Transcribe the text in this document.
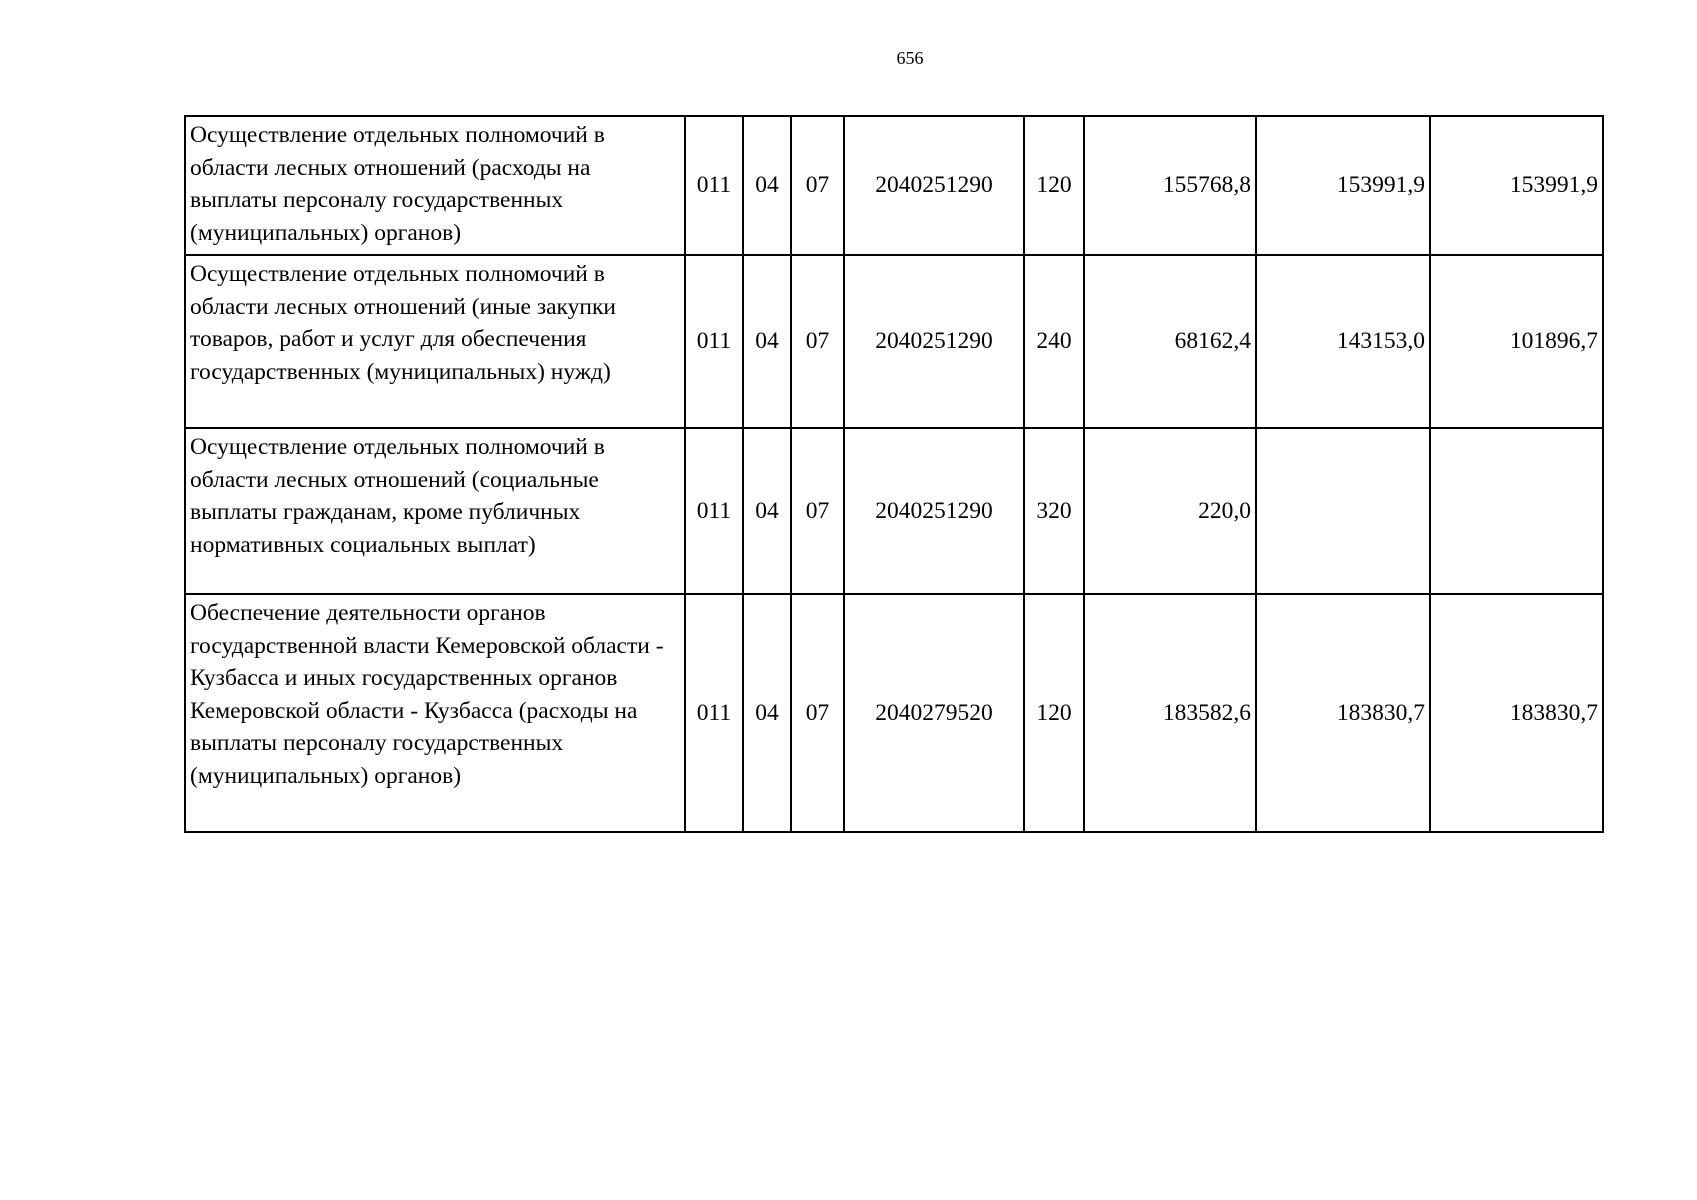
656
Осуществление отдельных полномочий в области лесных отношений (расходы на выплаты персоналу государственных (муниципальных) органов)	011	04	07	2040251290	120	155768,8	153991,9	153991,9
Осуществление отдельных полномочий в области лесных отношений (иные закупки товаров, работ и услуг для обеспечения государственных (муниципальных) нужд)	011	04	07	2040251290	240	68162,4	143153,0	101896,7
Осуществление отдельных полномочий в области лесных отношений (социальные выплаты гражданам, кроме публичных нормативных социальных выплат)	011	04	07	2040251290	320	220,0		
Обеспечение деятельности органов государственной власти Кемеровской области - Кузбасса и иных государственных органов Кемеровской области - Кузбасса (расходы на выплаты персоналу государственных (муниципальных) органов)	011	04	07	2040279520	120	183582,6	183830,7	183830,7
